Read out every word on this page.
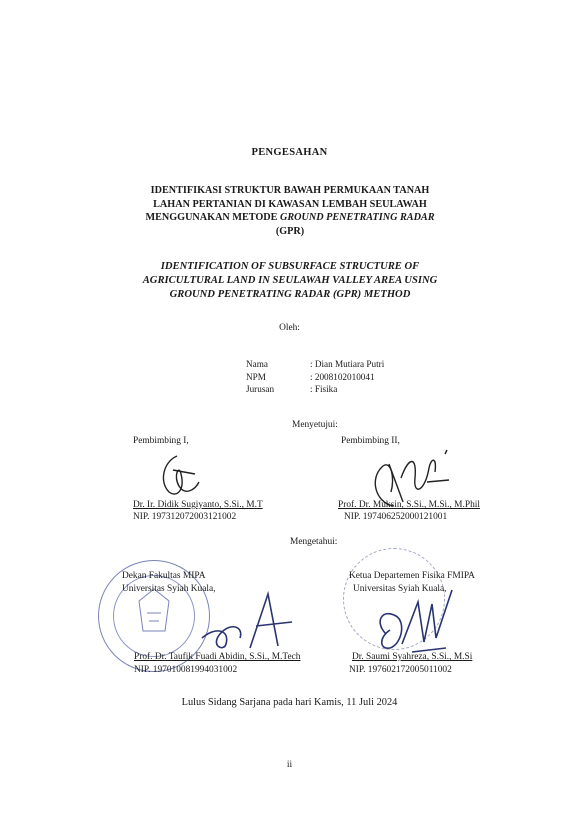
PENGESAHAN
IDENTIFIKASI STRUKTUR BAWAH PERMUKAAN TANAH
LAHAN PERTANIAN DI KAWASAN LEMBAH SEULAWAH
MENGGUNAKAN METODE GROUND PENETRATING RADAR
(GPR)
IDENTIFICATION OF SUBSURFACE STRUCTURE OF
AGRICULTURAL LAND IN SEULAWAH VALLEY AREA USING
GROUND PENETRATING RADAR (GPR) METHOD
Oleh:
Nama	: Dian Mutiara Putri
NPM	: 2008102010041
Jurusan	: Fisika
Menyetujui:
Pembimbing I,
Dr. Ir. Didik Sugiyanto, S.Si., M.T
NIP. 197312072003121002
Pembimbing II,
Prof. Dr. Muksin, S.Si., M.Si., M.Phil
NIP. 197406252000121001
Mengetahui:
Dekan Fakultas MIPA
Universitas Syiah Kuala,
Prof. Dr. Taufik Fuadi Abidin, S.Si., M.Tech
NIP. 197010081994031002
Ketua Departemen Fisika FMIPA
Universitas Syiah Kuala,
Dr. Saumi Syahreza, S.Si., M.Si
NIP. 197602172005011002
Lulus Sidang Sarjana pada hari Kamis, 11 Juli 2024
ii
